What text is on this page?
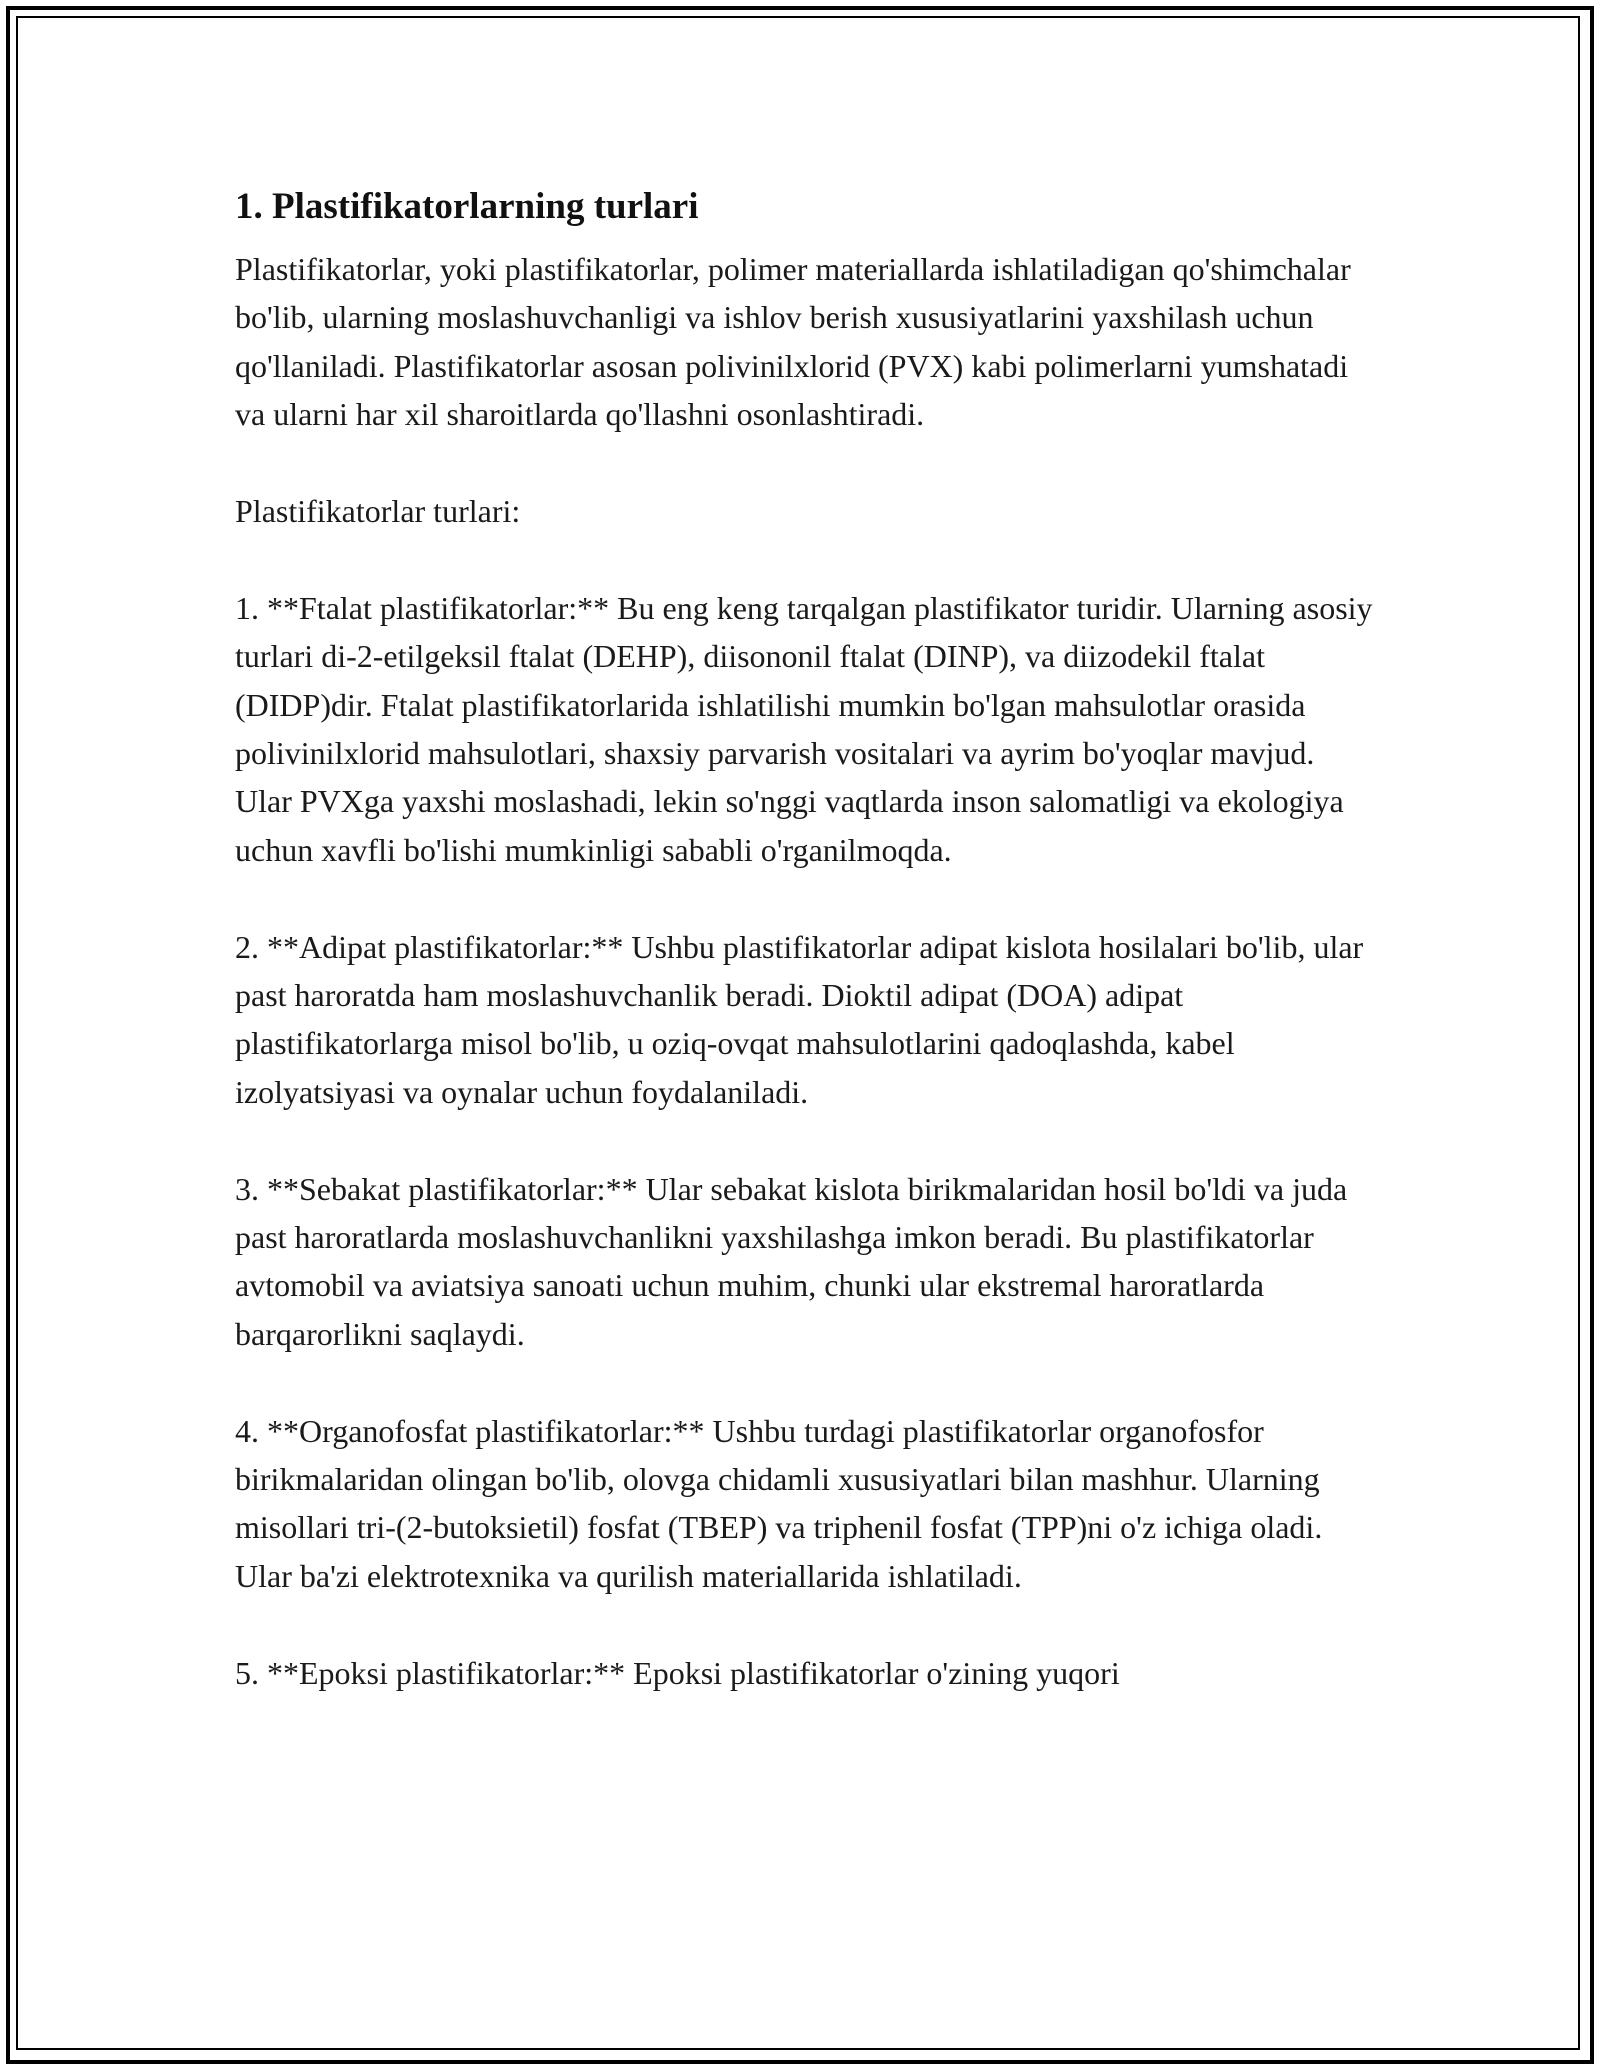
1. Plastifikatorlarning turlari

Plastifikatorlar, yoki plastifikatorlar, polimer materiallarda ishlatiladigan qo'shimchalar bo'lib, ularning moslashuvchanligi va ishlov berish xususiyatlarini yaxshilash uchun qo'llaniladi. Plastifikatorlar asosan polivinilxlorid (PVX) kabi polimerlarni yumshatadi va ularni har xil sharoitlarda qo'llashni osonlashtiradi.

Plastifikatorlar turlari:

1. **Ftalat plastifikatorlar:** Bu eng keng tarqalgan plastifikator turidir. Ularning asosiy turlari di-2-etilgeksil ftalat (DEHP), diisononil ftalat (DINP), va diizodekil ftalat (DIDP)dir. Ftalat plastifikatorlarida ishlatilishi mumkin bo'lgan mahsulotlar orasida polivinilxlorid mahsulotlari, shaxsiy parvarish vositalari va ayrim bo'yoqlar mavjud. Ular PVXga yaxshi moslashadi, lekin so'nggi vaqtlarda inson salomatligi va ekologiya uchun xavfli bo'lishi mumkinligi sababli o'rganilmoqda.

2. **Adipat plastifikatorlar:** Ushbu plastifikatorlar adipat kislota hosilalari bo'lib, ular past haroratda ham moslashuvchanlik beradi. Dioktil adipat (DOA) adipat plastifikatorlarga misol bo'lib, u oziq-ovqat mahsulotlarini qadoqlashda, kabel izolyatsiyasi va oynalar uchun foydalaniladi.

3. **Sebakat plastifikatorlar:** Ular sebakat kislota birikmalaridan hosil bo'ldi va juda past haroratlarda moslashuvchanlikni yaxshilashga imkon beradi. Bu plastifikatorlar avtomobil va aviatsiya sanoati uchun muhim, chunki ular ekstremal haroratlarda barqarorlikni saqlaydi.

4. **Organofosfat plastifikatorlar:** Ushbu turdagi plastifikatorlar organofosfor birikmalaridan olingan bo'lib, olovga chidamli xususiyatlari bilan mashhur. Ularning misollari tri-(2-butoksietil) fosfat (TBEP) va triphenil fosfat (TPP)ni o'z ichiga oladi. Ular ba'zi elektrotexnika va qurilish materiallarida ishlatiladi.

5. **Epoksi plastifikatorlar:** Epoksi plastifikatorlar o'zining yuqori
